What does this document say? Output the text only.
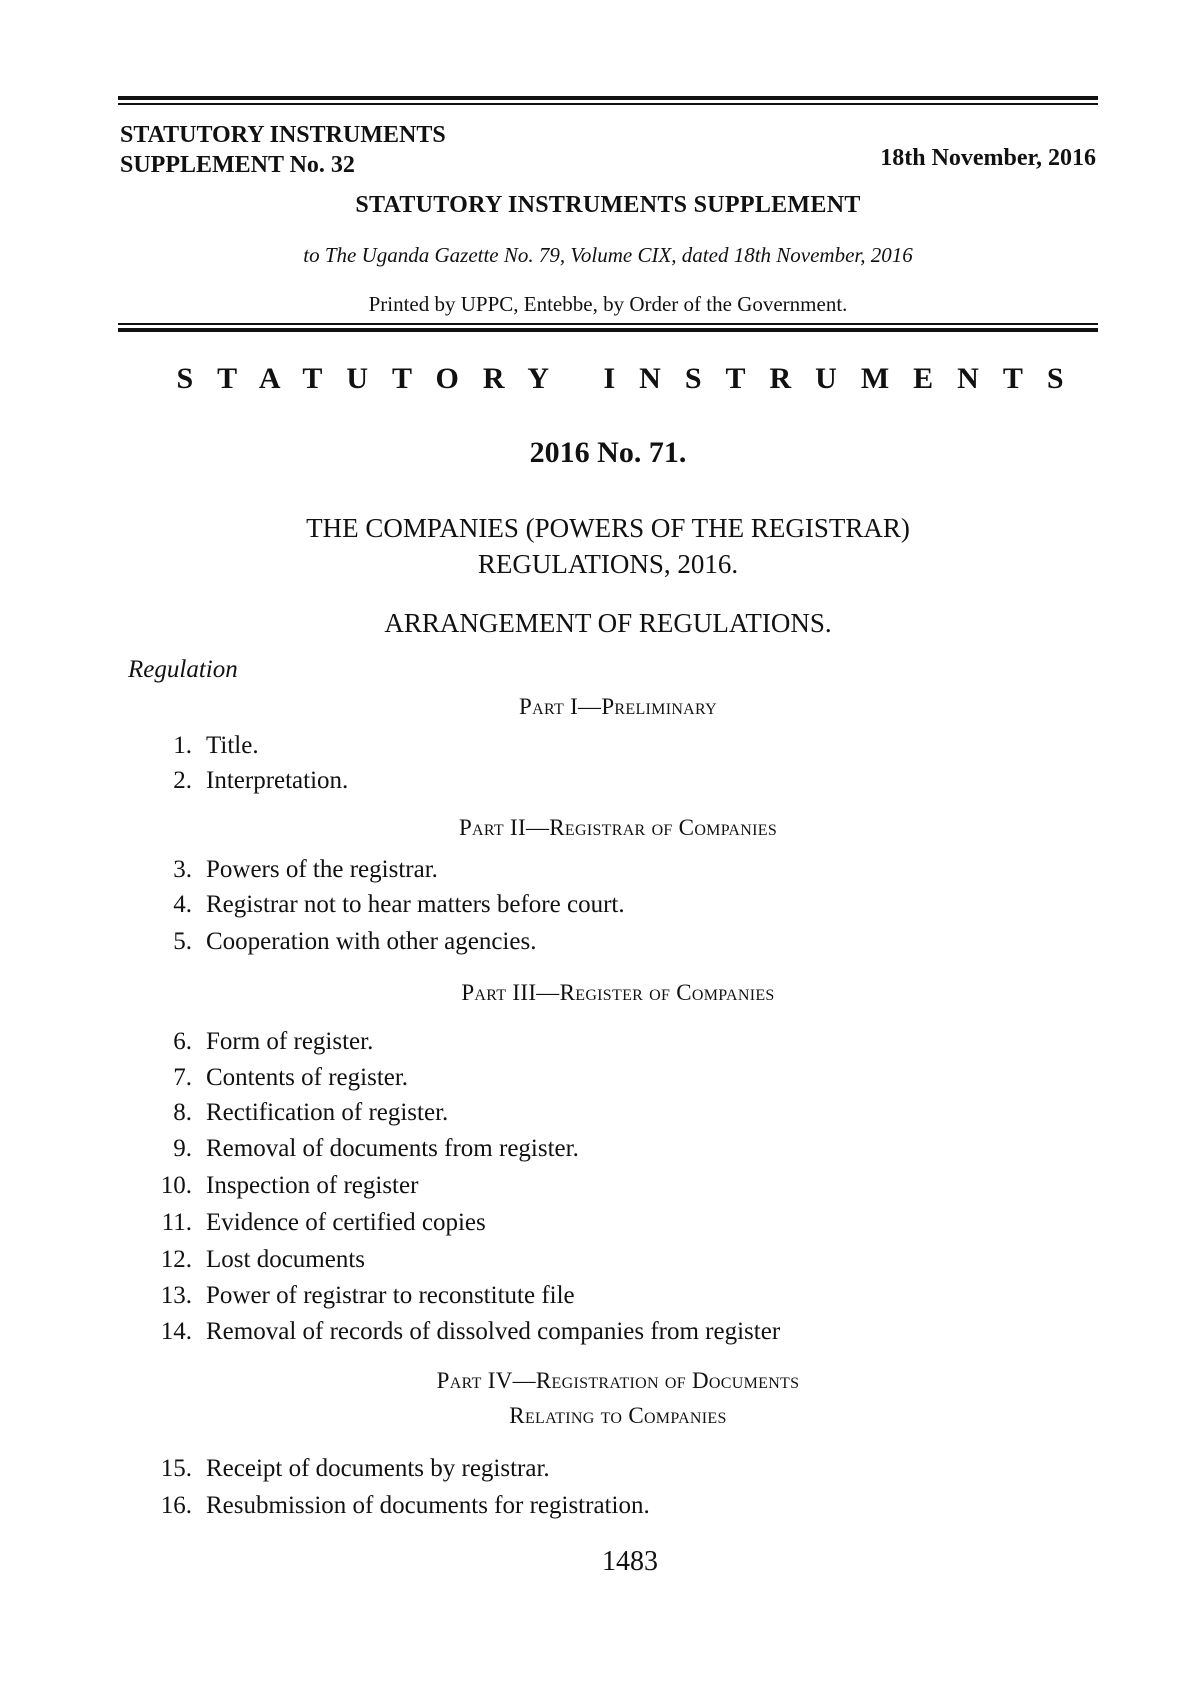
STATUTORY INSTRUMENTS
SUPPLEMENT No. 32	18th November, 2016
STATUTORY INSTRUMENTS SUPPLEMENT
to The Uganda Gazette No. 79, Volume CIX, dated 18th November, 2016
Printed by UPPC, Entebbe, by Order of the Government.
STATUTORY INSTRUMENTS
2016 No. 71.
THE COMPANIES (POWERS OF THE REGISTRAR)
REGULATIONS, 2016.
ARRANGEMENT OF REGULATIONS.
Regulation
Part I—Preliminary
1. Title.
2. Interpretation.
Part II—Registrar of Companies
3. Powers of the registrar.
4. Registrar not to hear matters before court.
5. Cooperation with other agencies.
Part III—Register of Companies
6. Form of register.
7. Contents of register.
8. Rectification of register.
9. Removal of documents from register.
10. Inspection of register
11. Evidence of certified copies
12. Lost documents
13. Power of registrar to reconstitute file
14. Removal of records of dissolved companies from register
Part IV—Registration of Documents
Relating to Companies
15. Receipt of documents by registrar.
16. Resubmission of documents for registration.
1483
